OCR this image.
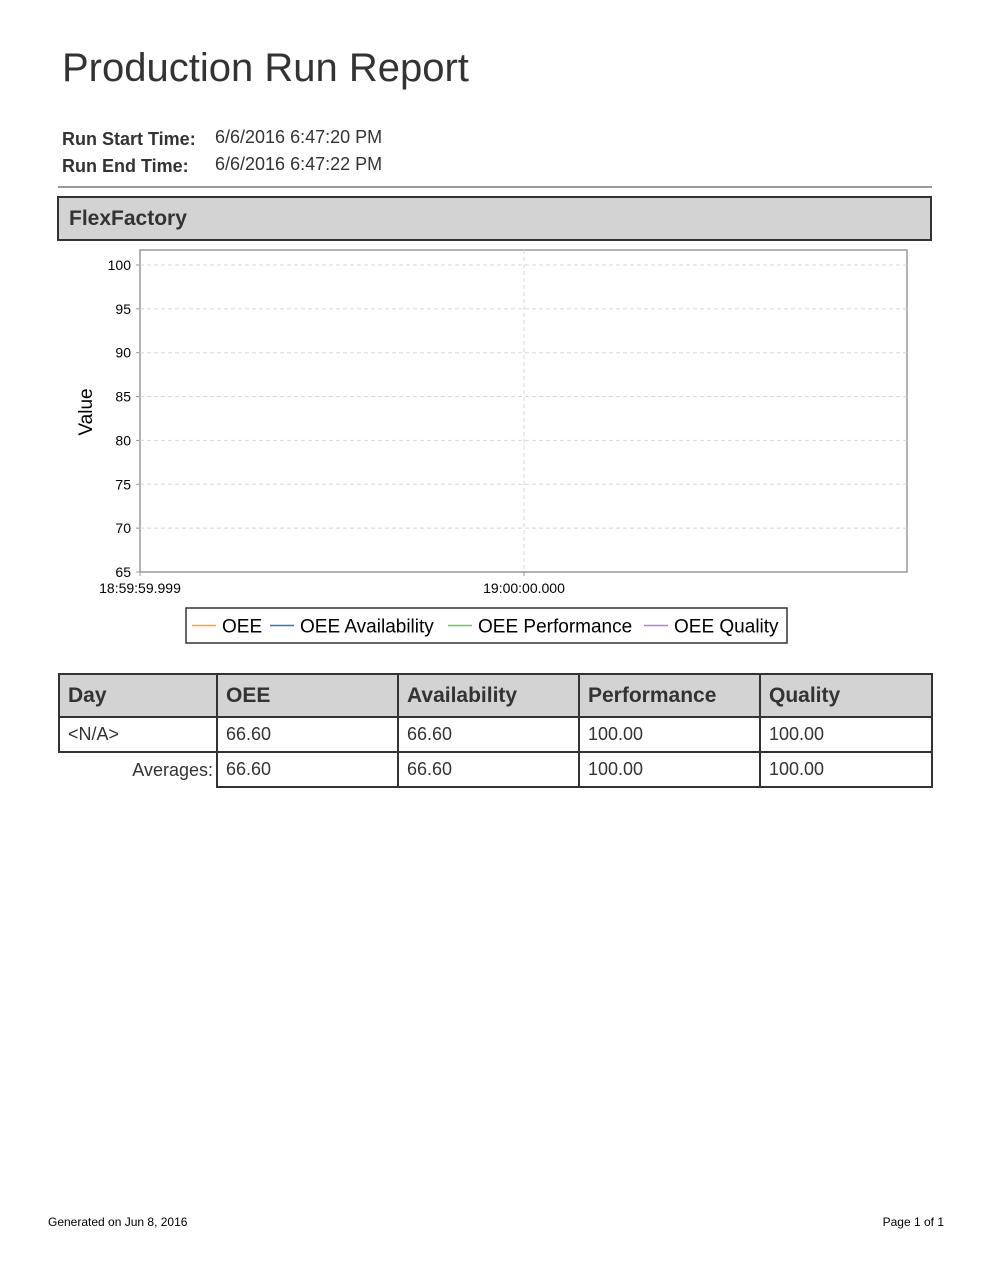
Production Run Report
Run Start Time:	6/6/2016 6:47:20 PM
Run End Time:	6/6/2016 6:47:22 PM
FlexFactory
100
95
90
85
80
75
70
65
18:59:59.999	19:00:00.000
Value
OEE OEE Availability OEE Performance OEE Quality
Day	OEE	Availability	Performance	Quality
<N/A>	66.60	66.60	100.00	100.00
Averages:	66.60	66.60	100.00	100.00
Generated on Jun 8, 2016	Page 1 of 1
